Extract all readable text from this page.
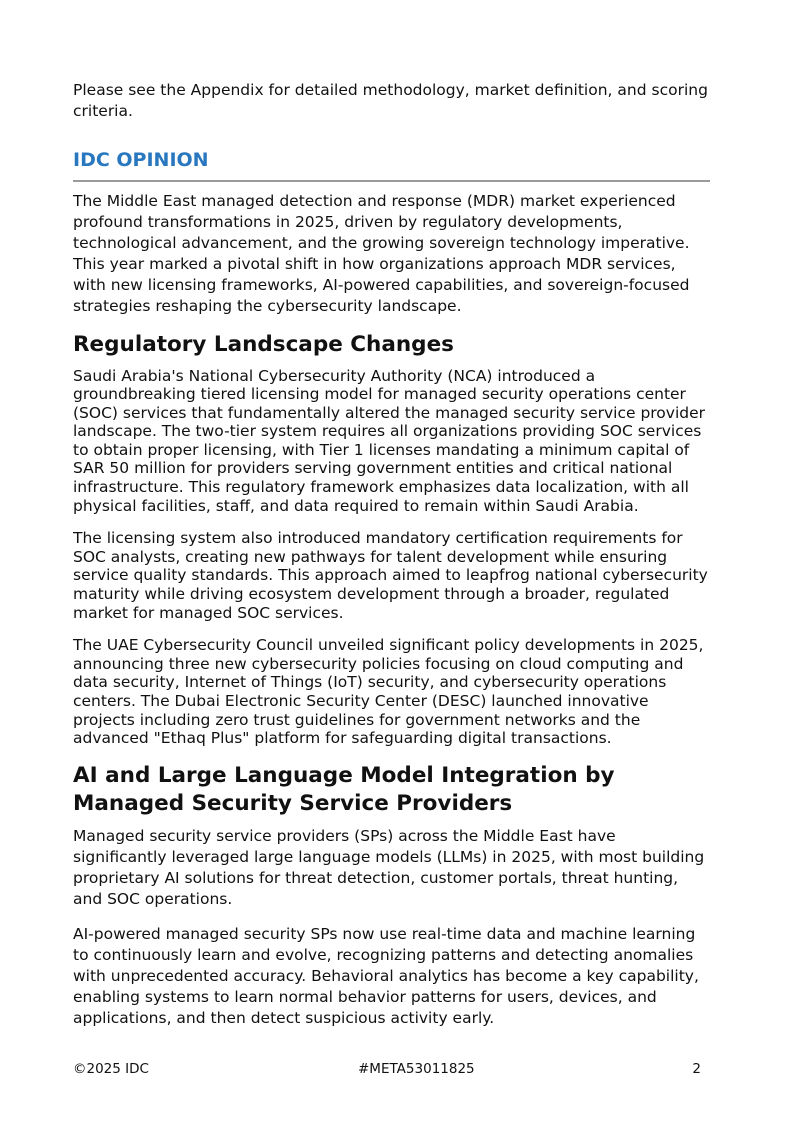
Please see the Appendix for detailed methodology, market definition, and scoring criteria.

IDC OPINION

The Middle East managed detection and response (MDR) market experienced profound transformations in 2025, driven by regulatory developments, technological advancement, and the growing sovereign technology imperative. This year marked a pivotal shift in how organizations approach MDR services, with new licensing frameworks, AI-powered capabilities, and sovereign-focused strategies reshaping the cybersecurity landscape.

Regulatory Landscape Changes

Saudi Arabia's National Cybersecurity Authority (NCA) introduced a groundbreaking tiered licensing model for managed security operations center (SOC) services that fundamentally altered the managed security service provider landscape. The two-tier system requires all organizations providing SOC services to obtain proper licensing, with Tier 1 licenses mandating a minimum capital of SAR 50 million for providers serving government entities and critical national infrastructure. This regulatory framework emphasizes data localization, with all physical facilities, staff, and data required to remain within Saudi Arabia.

The licensing system also introduced mandatory certification requirements for SOC analysts, creating new pathways for talent development while ensuring service quality standards. This approach aimed to leapfrog national cybersecurity maturity while driving ecosystem development through a broader, regulated market for managed SOC services.

The UAE Cybersecurity Council unveiled significant policy developments in 2025, announcing three new cybersecurity policies focusing on cloud computing and data security, Internet of Things (IoT) security, and cybersecurity operations centers. The Dubai Electronic Security Center (DESC) launched innovative projects including zero trust guidelines for government networks and the advanced "Ethaq Plus" platform for safeguarding digital transactions.

AI and Large Language Model Integration by Managed Security Service Providers

Managed security service providers (SPs) across the Middle East have significantly leveraged large language models (LLMs) in 2025, with most building proprietary AI solutions for threat detection, customer portals, threat hunting, and SOC operations.

AI-powered managed security SPs now use real-time data and machine learning to continuously learn and evolve, recognizing patterns and detecting anomalies with unprecedented accuracy. Behavioral analytics has become a key capability, enabling systems to learn normal behavior patterns for users, devices, and applications, and then detect suspicious activity early.

©2025 IDC	#META53011825	2
